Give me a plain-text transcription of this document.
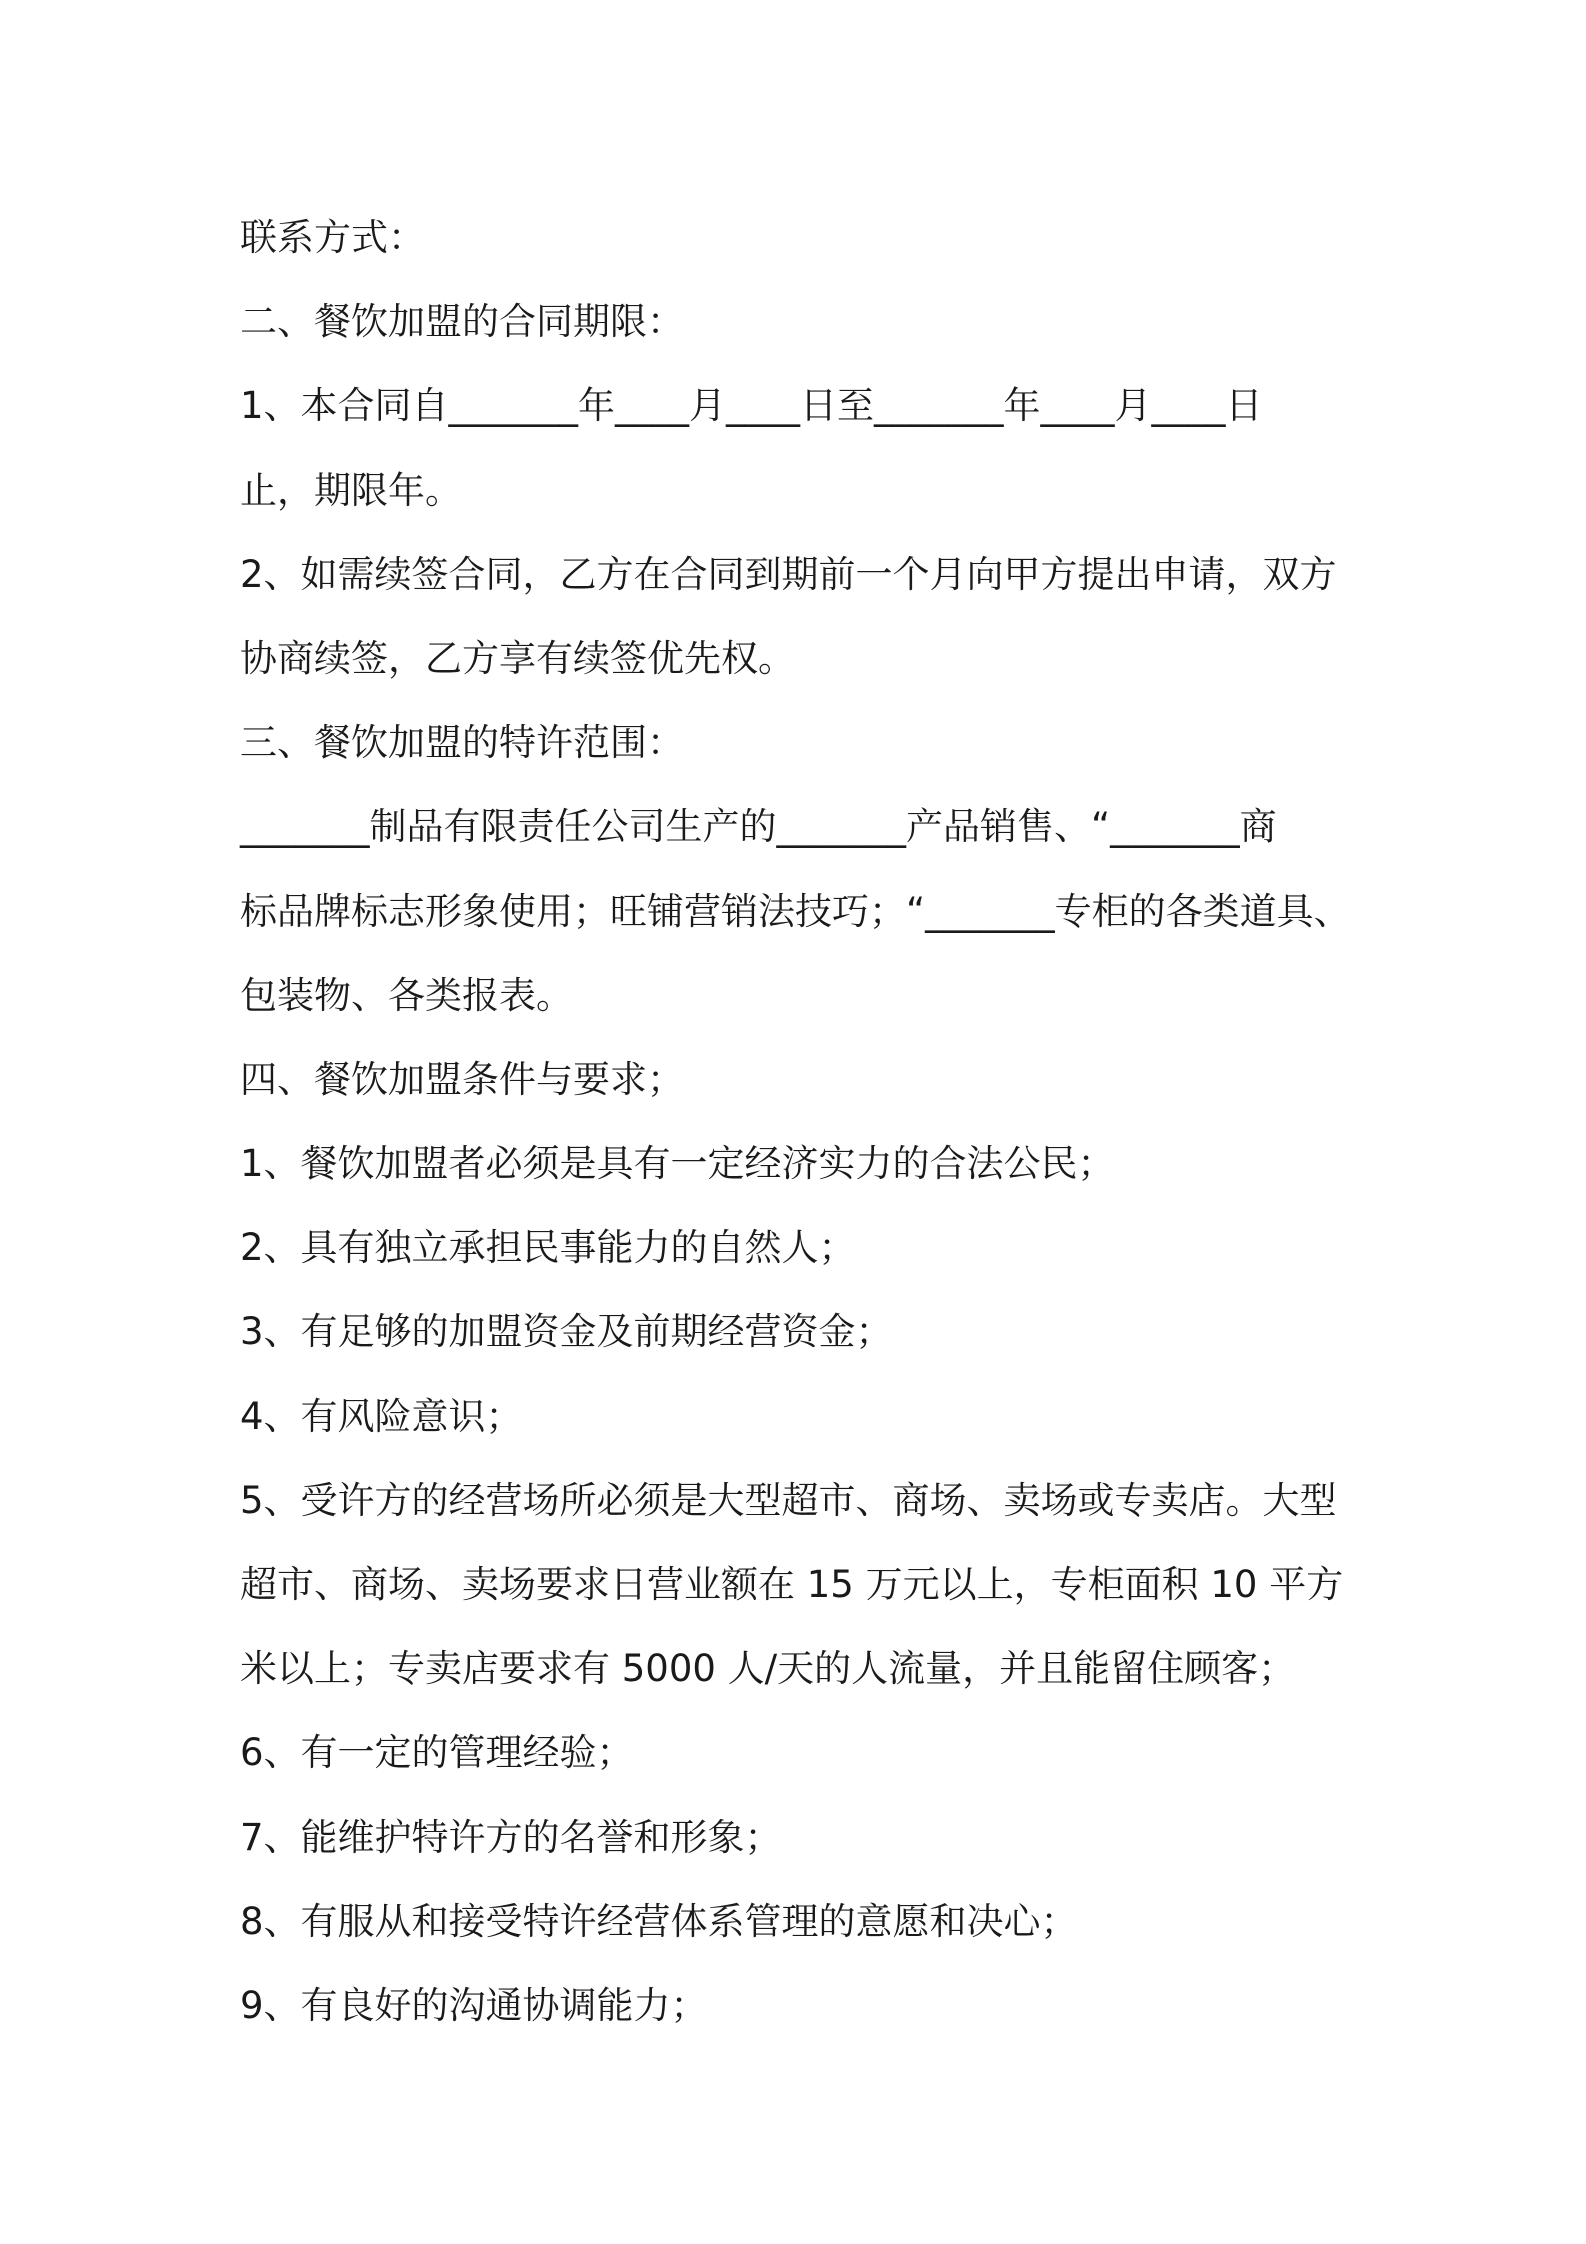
联系方式：
二、餐饮加盟的合同期限：
1、本合同自_______年____月____日至_______年____月____日
止，期限年。
2、如需续签合同，乙方在合同到期前一个月向甲方提出申请，双方
协商续签，乙方享有续签优先权。
三、餐饮加盟的特许范围：
_______制品有限责任公司生产的_______产品销售、“_______商
标品牌标志形象使用；旺铺营销法技巧；“_______专柜的各类道具、
包装物、各类报表。
四、餐饮加盟条件与要求；
1、餐饮加盟者必须是具有一定经济实力的合法公民；
2、具有独立承担民事能力的自然人；
3、有足够的加盟资金及前期经营资金；
4、有风险意识；
5、受许方的经营场所必须是大型超市、商场、卖场或专卖店。大型
超市、商场、卖场要求日营业额在 15 万元以上，专柜面积 10 平方
米以上；专卖店要求有 5000 人/天的人流量，并且能留住顾客；
6、有一定的管理经验；
7、能维护特许方的名誉和形象；
8、有服从和接受特许经营体系管理的意愿和决心；
9、有良好的沟通协调能力；
